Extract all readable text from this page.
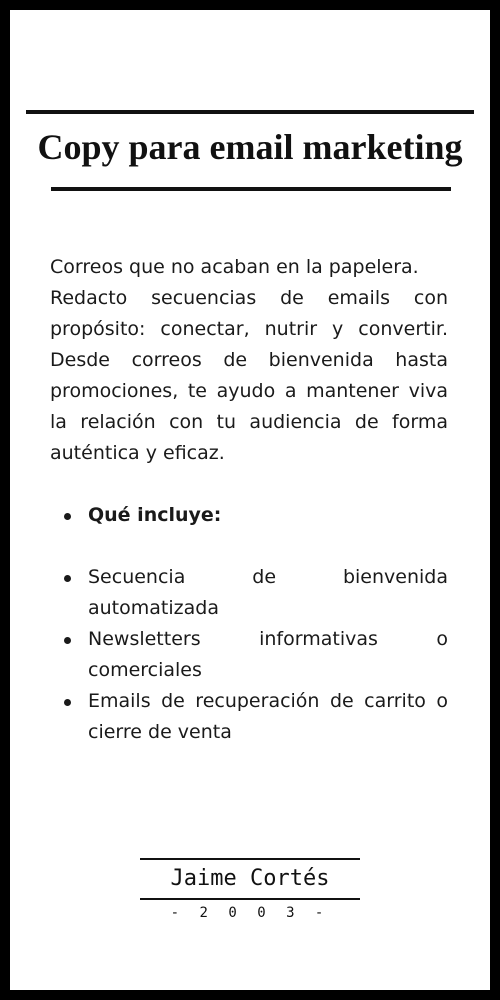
Copy para email marketing

Correos que no acaban en la papelera.

Redacto secuencias de emails con propósito: conectar, nutrir y convertir. Desde correos de bienvenida hasta promociones, te ayudo a mantener viva la relación con tu audiencia de forma auténtica y eficaz.

Qué incluye:
Secuencia de bienvenida automatizada
Newsletters informativas o comerciales
Emails de recuperación de carrito o cierre de venta
Jaime Cortés
- 2 0 0 3 -
